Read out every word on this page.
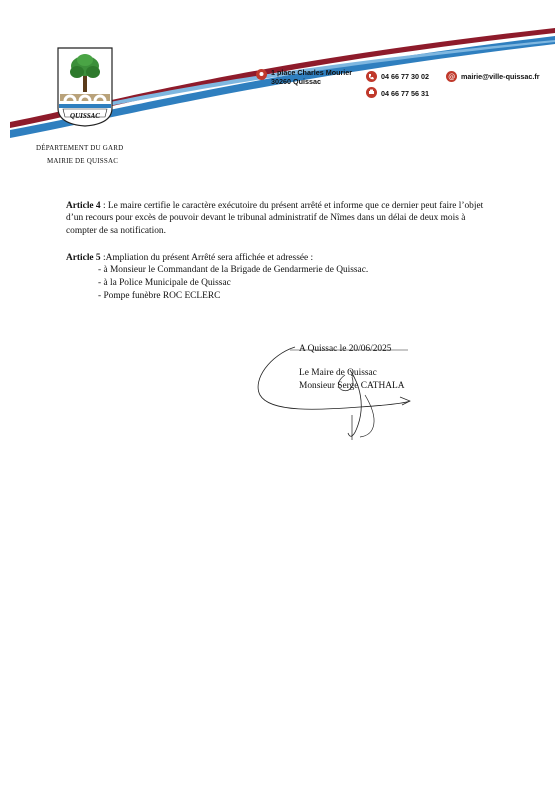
QUISSAC
1 place Charles Mourier
30260 Quissac
04 66 77 30 02
04 66 77 56 31
@ mairie@ville-quissac.fr
DÉPARTEMENT DU GARD
MAIRIE DE QUISSAC
Article 4 : Le maire certifie le caractère exécutoire du présent arrêté et informe que ce dernier peut faire l’objet d’un recours pour excès de pouvoir devant le tribunal administratif de Nîmes dans un délai de deux mois à compter de sa notification.
Article 5 :Ampliation du présent Arrêté sera affichée et adressée :
- à Monsieur le Commandant de la Brigade de Gendarmerie de Quissac.
- à la Police Municipale de Quissac
- Pompe funèbre ROC ECLERC
A Quissac le 20/06/2025
Le Maire de Quissac
Monsieur Serge CATHALA
